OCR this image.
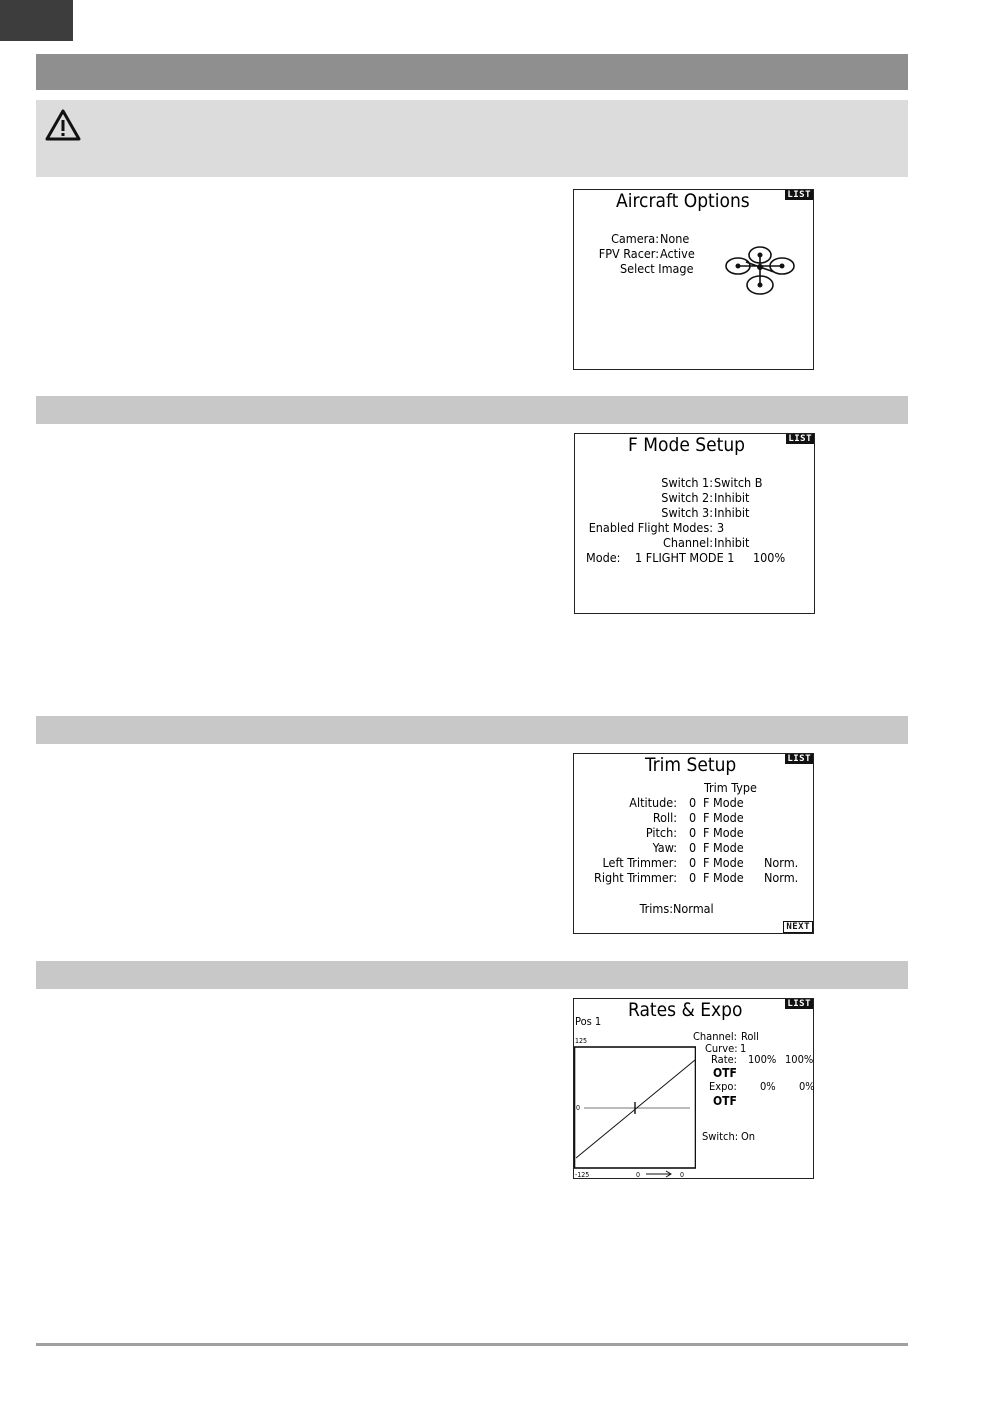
Aircraft Options	LIST
Camera: None
FPV Racer: Active
Select Image
F Mode Setup	LIST
Switch 1: Switch B
Switch 2: Inhibit
Switch 3: Inhibit
Enabled Flight Modes: 3
Channel: Inhibit
Mode: 1 FLIGHT MODE 1 100%
Trim Setup	LIST
Trim Type
Altitude: 0 F Mode
Roll: 0 F Mode
Pitch: 0 F Mode
Yaw: 0 F Mode
Left Trimmer: 0 F Mode Norm.
Right Trimmer: 0 F Mode Norm.
Trims: Normal
NEXT
Rates & Expo	LIST
Pos 1
125
0
-125	0	0
Channel: Roll
Curve: 1
Rate: 100% 100%
OTF
Expo: 0% 0%
OTF
Switch: On
